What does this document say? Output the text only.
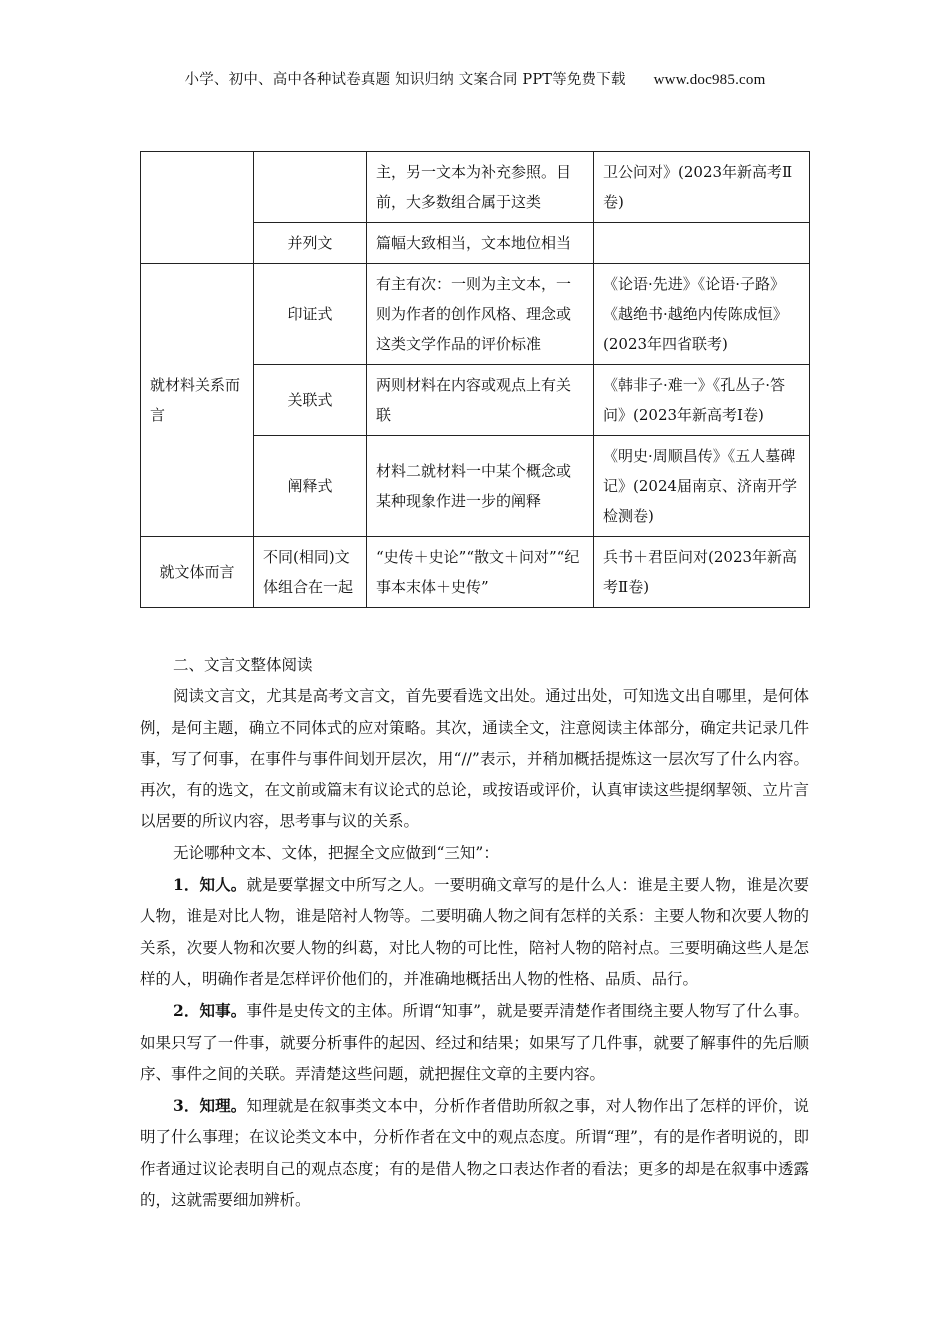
小学、初中、高中各种试卷真题 知识归纳 文案合同 PPT等免费下载 www.doc985.com
		主，另一文本为补充参照。目前，大多数组合属于这类	卫公问对》(2023年新高考Ⅱ卷)
	并列文	篇幅大致相当，文本地位相当	
就材料关系而言	印证式	有主有次：一则为主文本，一则为作者的创作风格、理念或这类文学作品的评价标准	《论语·先进》《论语·子路》《越绝书·越绝内传陈成恒》(2023年四省联考)
	关联式	两则材料在内容或观点上有关联	《韩非子·难一》《孔丛子·答问》(2023年新高考Ⅰ卷)
	阐释式	材料二就材料一中某个概念或某种现象作进一步的阐释	《明史·周顺昌传》《五人墓碑记》(2024届南京、济南开学检测卷)
就文体而言	不同(相同)文体组合在一起	“史传＋史论”“散文＋问对”“纪事本末体＋史传”	兵书＋君臣问对(2023年新高考Ⅱ卷)

二、文言文整体阅读

阅读文言文，尤其是高考文言文，首先要看选文出处。通过出处，可知选文出自哪里，是何体例，是何主题，确立不同体式的应对策略。其次，通读全文，注意阅读主体部分，确定共记录几件事，写了何事，在事件与事件间划开层次，用“//”表示，并稍加概括提炼这一层次写了什么内容。再次，有的选文，在文前或篇末有议论式的总论，或按语或评价，认真审读这些提纲挈领、立片言以居要的所议内容，思考事与议的关系。

无论哪种文本、文体，把握全文应做到“三知”：

1．知人。就是要掌握文中所写之人。一要明确文章写的是什么人：谁是主要人物，谁是次要人物，谁是对比人物，谁是陪衬人物等。二要明确人物之间有怎样的关系：主要人物和次要人物的关系，次要人物和次要人物的纠葛，对比人物的可比性，陪衬人物的陪衬点。三要明确这些人是怎样的人，明确作者是怎样评价他们的，并准确地概括出人物的性格、品质、品行。

2．知事。事件是史传文的主体。所谓“知事”，就是要弄清楚作者围绕主要人物写了什么事。如果只写了一件事，就要分析事件的起因、经过和结果；如果写了几件事，就要了解事件的先后顺序、事件之间的关联。弄清楚这些问题，就把握住文章的主要内容。

3．知理。知理就是在叙事类文本中，分析作者借助所叙之事，对人物作出了怎样的评价，说明了什么事理；在议论类文本中，分析作者在文中的观点态度。所谓“理”，有的是作者明说的，即作者通过议论表明自己的观点态度；有的是借人物之口表达作者的看法；更多的却是在叙事中透露的，这就需要细加辨析。
